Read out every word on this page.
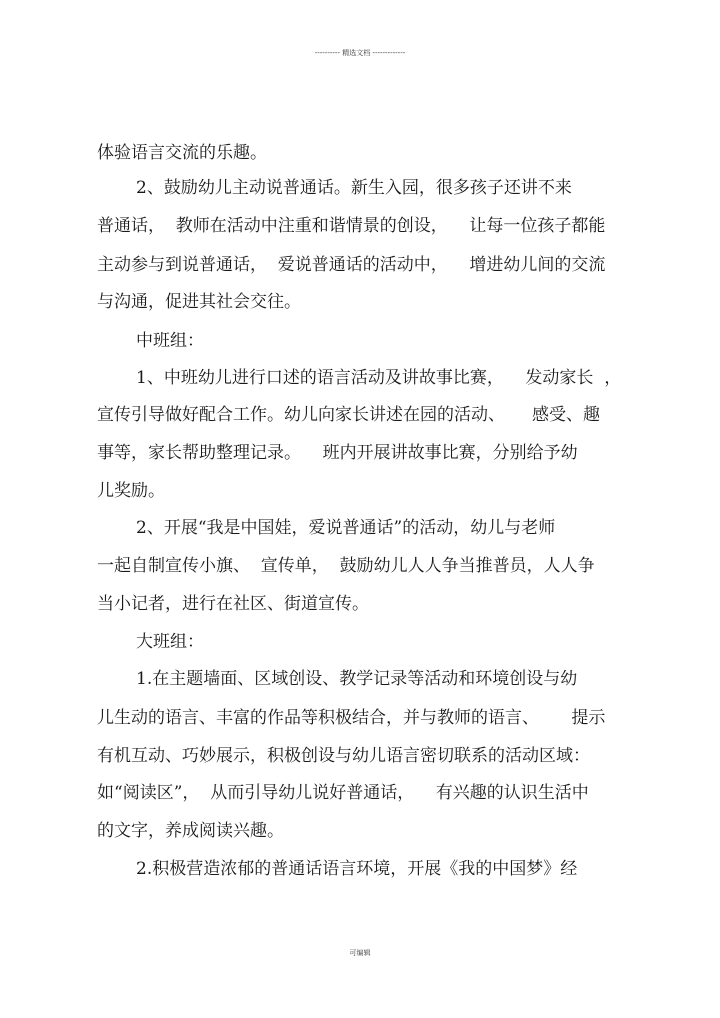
---------- 精选文档 -------------
体验语言交流的乐趣。
2、鼓励幼儿主动说普通话。新生入园，很多孩子还讲不来
普通话，  教师在活动中注重和谐情景的创设，    让每一位孩子都能
主动参与到说普通话，  爱说普通话的活动中，    增进幼儿间的交流
与沟通，促进其社会交往。
中班组：
1、中班幼儿进行口述的语言活动及讲故事比赛，    发动家长  ，
宣传引导做好配合工作。幼儿向家长讲述在园的活动、     感受、趣
事等，家长帮助整理记录。    班内开展讲故事比赛，分别给予幼
儿奖励。
2、开展“我是中国娃，爱说普通话”的活动，幼儿与老师
一起自制宣传小旗、  宣传单，  鼓励幼儿人人争当推普员，人人争
当小记者，进行在社区、街道宣传。
大班组：
1.在主题墙面、区域创设、教学记录等活动和环境创设与幼
儿生动的语言、丰富的作品等积极结合，并与教师的语言、      提示
有机互动、巧妙展示，积极创设与幼儿语言密切联系的活动区域：
如“阅读区”，  从而引导幼儿说好普通话，    有兴趣的认识生活中
的文字，养成阅读兴趣。
2.积极营造浓郁的普通话语言环境，开展《我的中国梦》经
可编辑
